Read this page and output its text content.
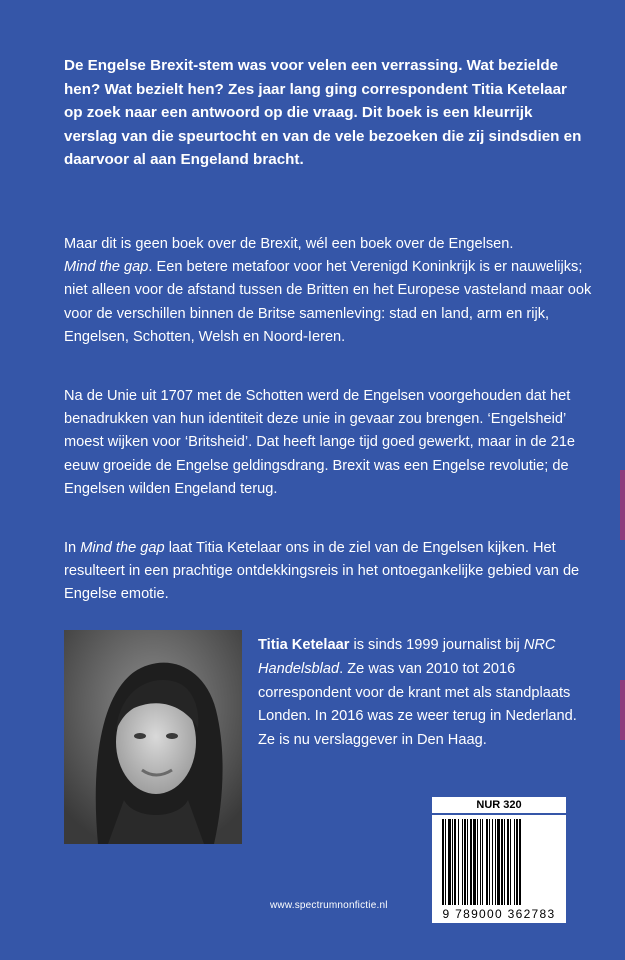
De Engelse Brexit-stem was voor velen een verrassing. Wat bezielde hen? Wat bezielt hen? Zes jaar lang ging correspondent Titia Ketelaar op zoek naar een antwoord op die vraag. Dit boek is een kleurrijk verslag van die speurtocht en van de vele bezoeken die zij sindsdien en daarvoor al aan Engeland bracht.

Maar dit is geen boek over de Brexit, wél een boek over de Engelsen.
Mind the gap. Een betere metafoor voor het Verenigd Koninkrijk is er nauwelijks; niet alleen voor de afstand tussen de Britten en het Europese vasteland maar ook voor de verschillen binnen de Britse samenleving: stad en land, arm en rijk, Engelsen, Schotten, Welsh en Noord-Ieren.

Na de Unie uit 1707 met de Schotten werd de Engelsen voorgehouden dat het benadrukken van hun identiteit deze unie in gevaar zou brengen. ‘Engelsheid’ moest wijken voor ‘Britsheid’. Dat heeft lange tijd goed gewerkt, maar in de 21e eeuw groeide de Engelse geldingsdrang. Brexit was een Engelse revolutie; de Engelsen wilden Engeland terug.

In Mind the gap laat Titia Ketelaar ons in de ziel van de Engelsen kijken. Het resulteert in een prachtige ontdekkingsreis in het ontoegankelijke gebied van de Engelse emotie.

Titia Ketelaar is sinds 1999 journalist bij NRC Handelsblad. Ze was van 2010 tot 2016 correspondent voor de krant met als standplaats Londen. In 2016 was ze weer terug in Nederland. Ze is nu verslaggever in Den Haag.

NUR 320
9 789000 362783
www.spectrumnonfictie.nl
